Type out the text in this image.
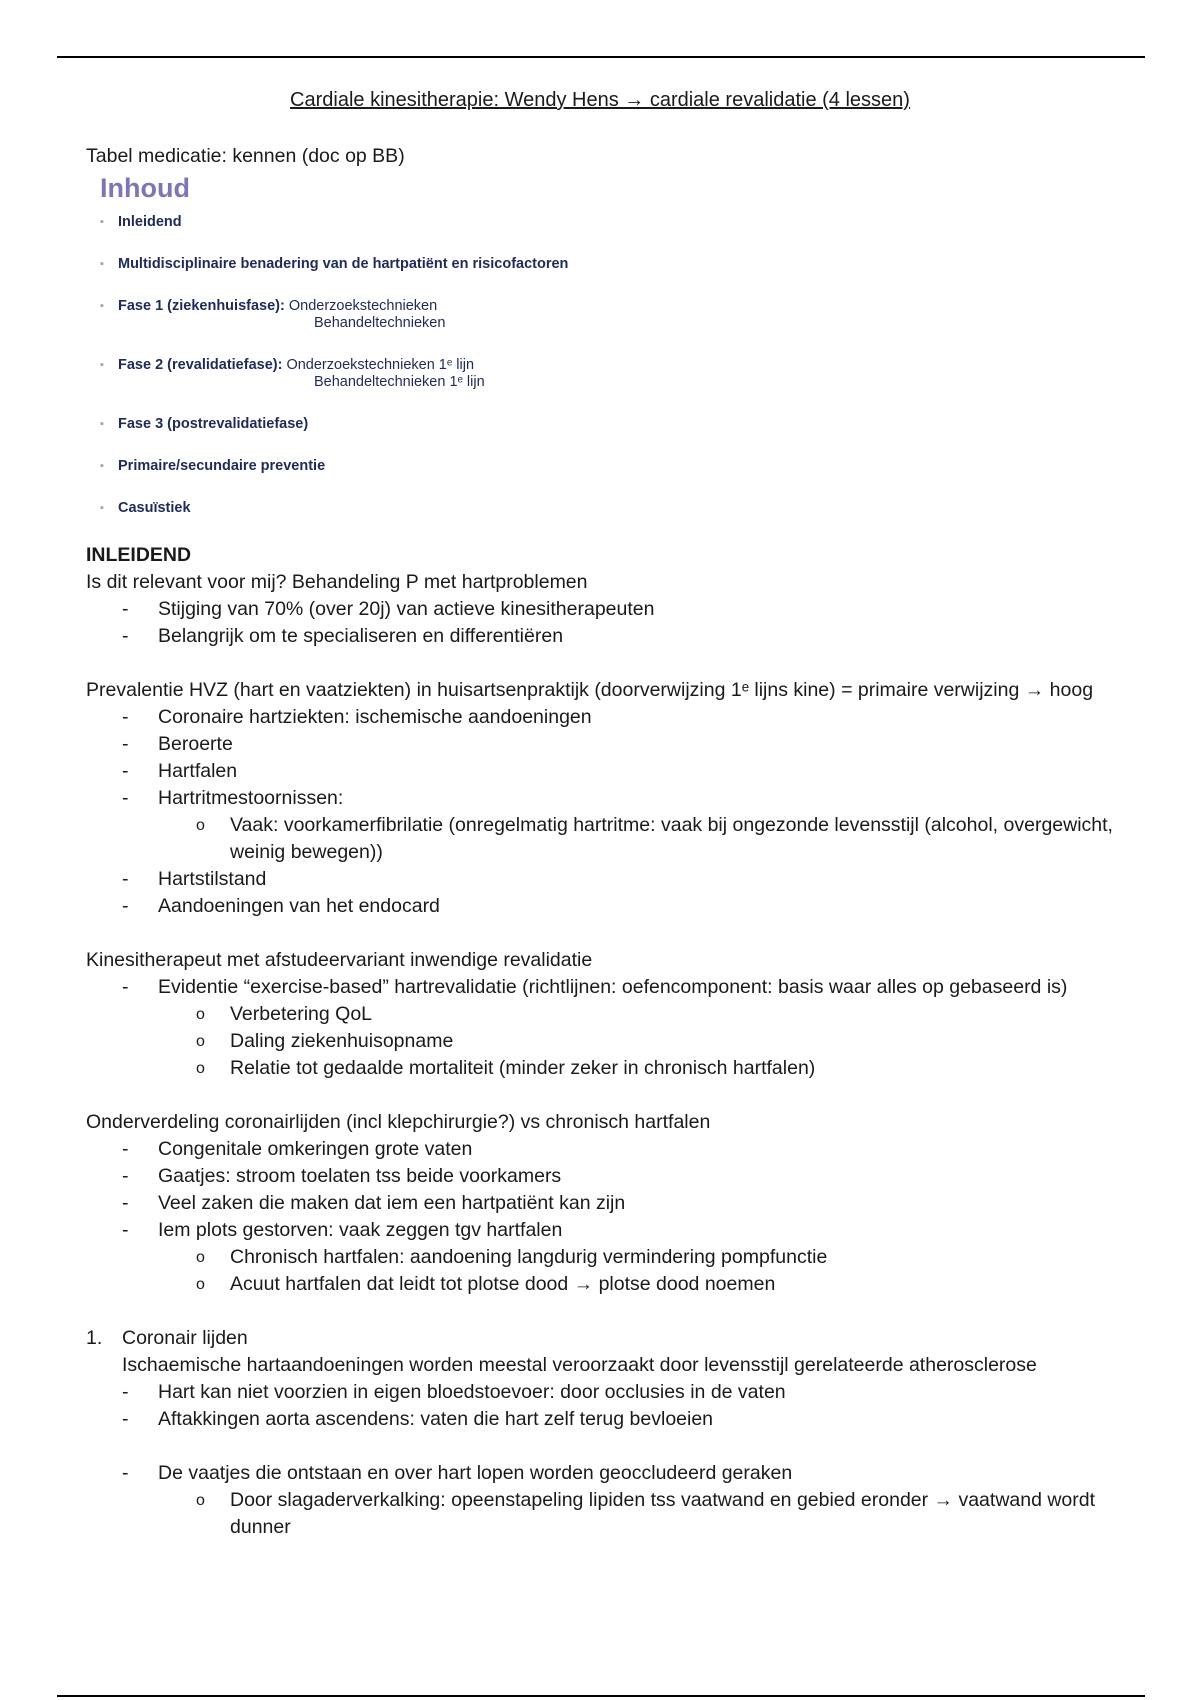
Cardiale kinesitherapie: Wendy Hens → cardiale revalidatie (4 lessen)

Tabel medicatie: kennen (doc op BB)

Inhoud
▪ Inleidend
▪ Multidisciplinaire benadering van de hartpatiënt en risicofactoren
▪ Fase 1 (ziekenhuisfase): Onderzoekstechnieken
Behandeltechnieken
▪ Fase 2 (revalidatiefase): Onderzoekstechnieken 1ᵉ lijn
Behandeltechnieken 1ᵉ lijn
▪ Fase 3 (postrevalidatiefase)
▪ Primaire/secundaire preventie
▪ Casuïstiek

INLEIDEND

Is dit relevant voor mij? Behandeling P met hartproblemen

- Stijging van 70% (over 20j) van actieve kinesitherapeuten
- Belangrijk om te specialiseren en differentiëren

Prevalentie HVZ (hart en vaatziekten) in huisartsenpraktijk (doorverwijzing 1ᵉ lijns kine) = primaire verwijzing → hoog

- Coronaire hartziekten: ischemische aandoeningen
- Beroerte
- Hartfalen
- Hartritmestoornissen:
o Vaak: voorkamerfibrilatie (onregelmatig hartritme: vaak bij ongezonde levensstijl (alcohol, overgewicht, weinig bewegen))
- Hartstilstand
- Aandoeningen van het endocard

Kinesitherapeut met afstudeervariant inwendige revalidatie

- Evidentie “exercise-based” hartrevalidatie (richtlijnen: oefencomponent: basis waar alles op gebaseerd is)
o Verbetering QoL
o Daling ziekenhuisopname
o Relatie tot gedaalde mortaliteit (minder zeker in chronisch hartfalen)

Onderverdeling coronairlijden (incl klepchirurgie?) vs chronisch hartfalen

- Congenitale omkeringen grote vaten
- Gaatjes: stroom toelaten tss beide voorkamers
- Veel zaken die maken dat iem een hartpatiënt kan zijn
- Iem plots gestorven: vaak zeggen tgv hartfalen
o Chronisch hartfalen: aandoening langdurig vermindering pompfunctie
o Acuut hartfalen dat leidt tot plotse dood → plotse dood noemen
1. Coronair lijden

Ischaemische hartaandoeningen worden meestal veroorzaakt door levensstijl gerelateerde atherosclerose

- Hart kan niet voorzien in eigen bloedstoevoer: door occlusies in de vaten
- Aftakkingen aorta ascendens: vaten die hart zelf terug bevloeien
- De vaatjes die ontstaan en over hart lopen worden geoccludeerd geraken
o Door slagaderverkalking: opeenstapeling lipiden tss vaatwand en gebied eronder → vaatwand wordt dunner
